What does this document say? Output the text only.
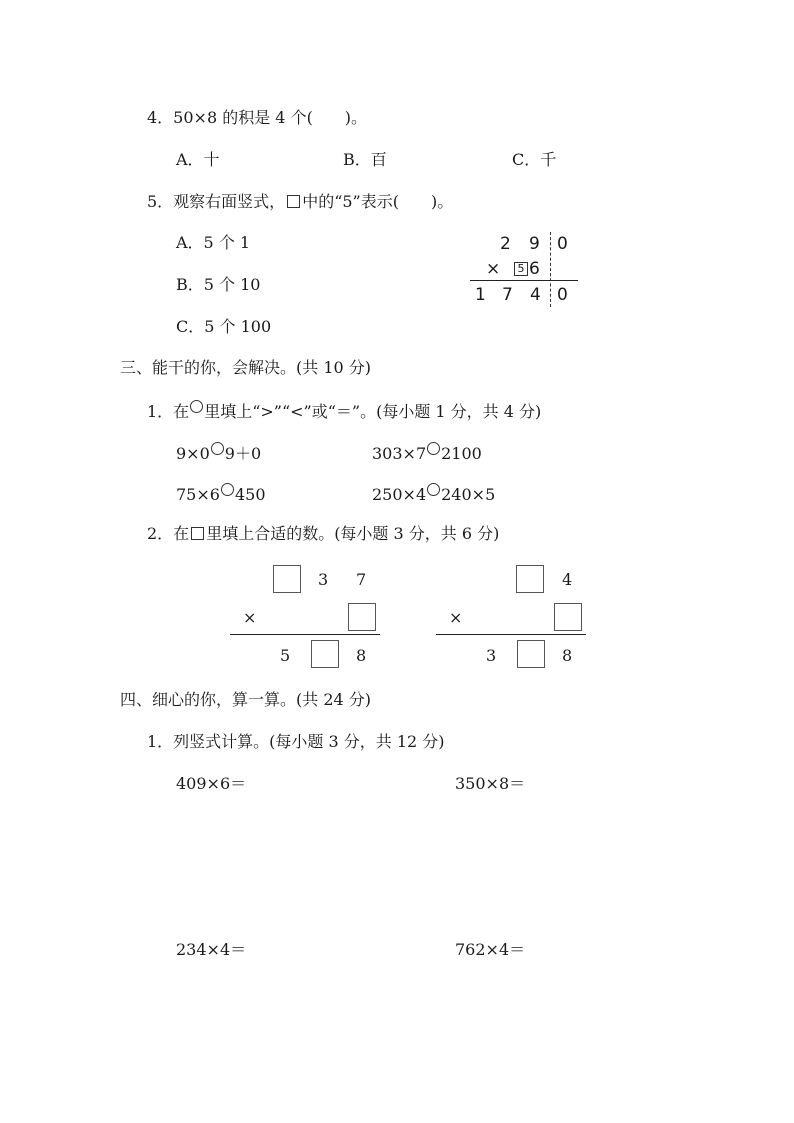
4．50×8 的积是 4 个(　　)。
A．十	B．百	C．千
5．观察右面竖式， 中的“5”表示(　　)。
A．5 个 1
B．5 个 10
C．5 个 100
2 9 0
×	5 6
1 7 4 0
三、能干的你，会解决。(共 10 分)
1．在 里填上“>”“<”或“＝”。(每小题 1 分，共 4 分)
9×0 9＋0	303×7 2100
75×6 450	250×4 240×5
2．在 里填上合适的数。(每小题 3 分，共 6 分)
3 7
×
5	8
4
×
3	8
四、细心的你，算一算。(共 24 分)
1．列竖式计算。(每小题 3 分，共 12 分)
409×6＝	350×8＝
234×4＝	762×4＝
